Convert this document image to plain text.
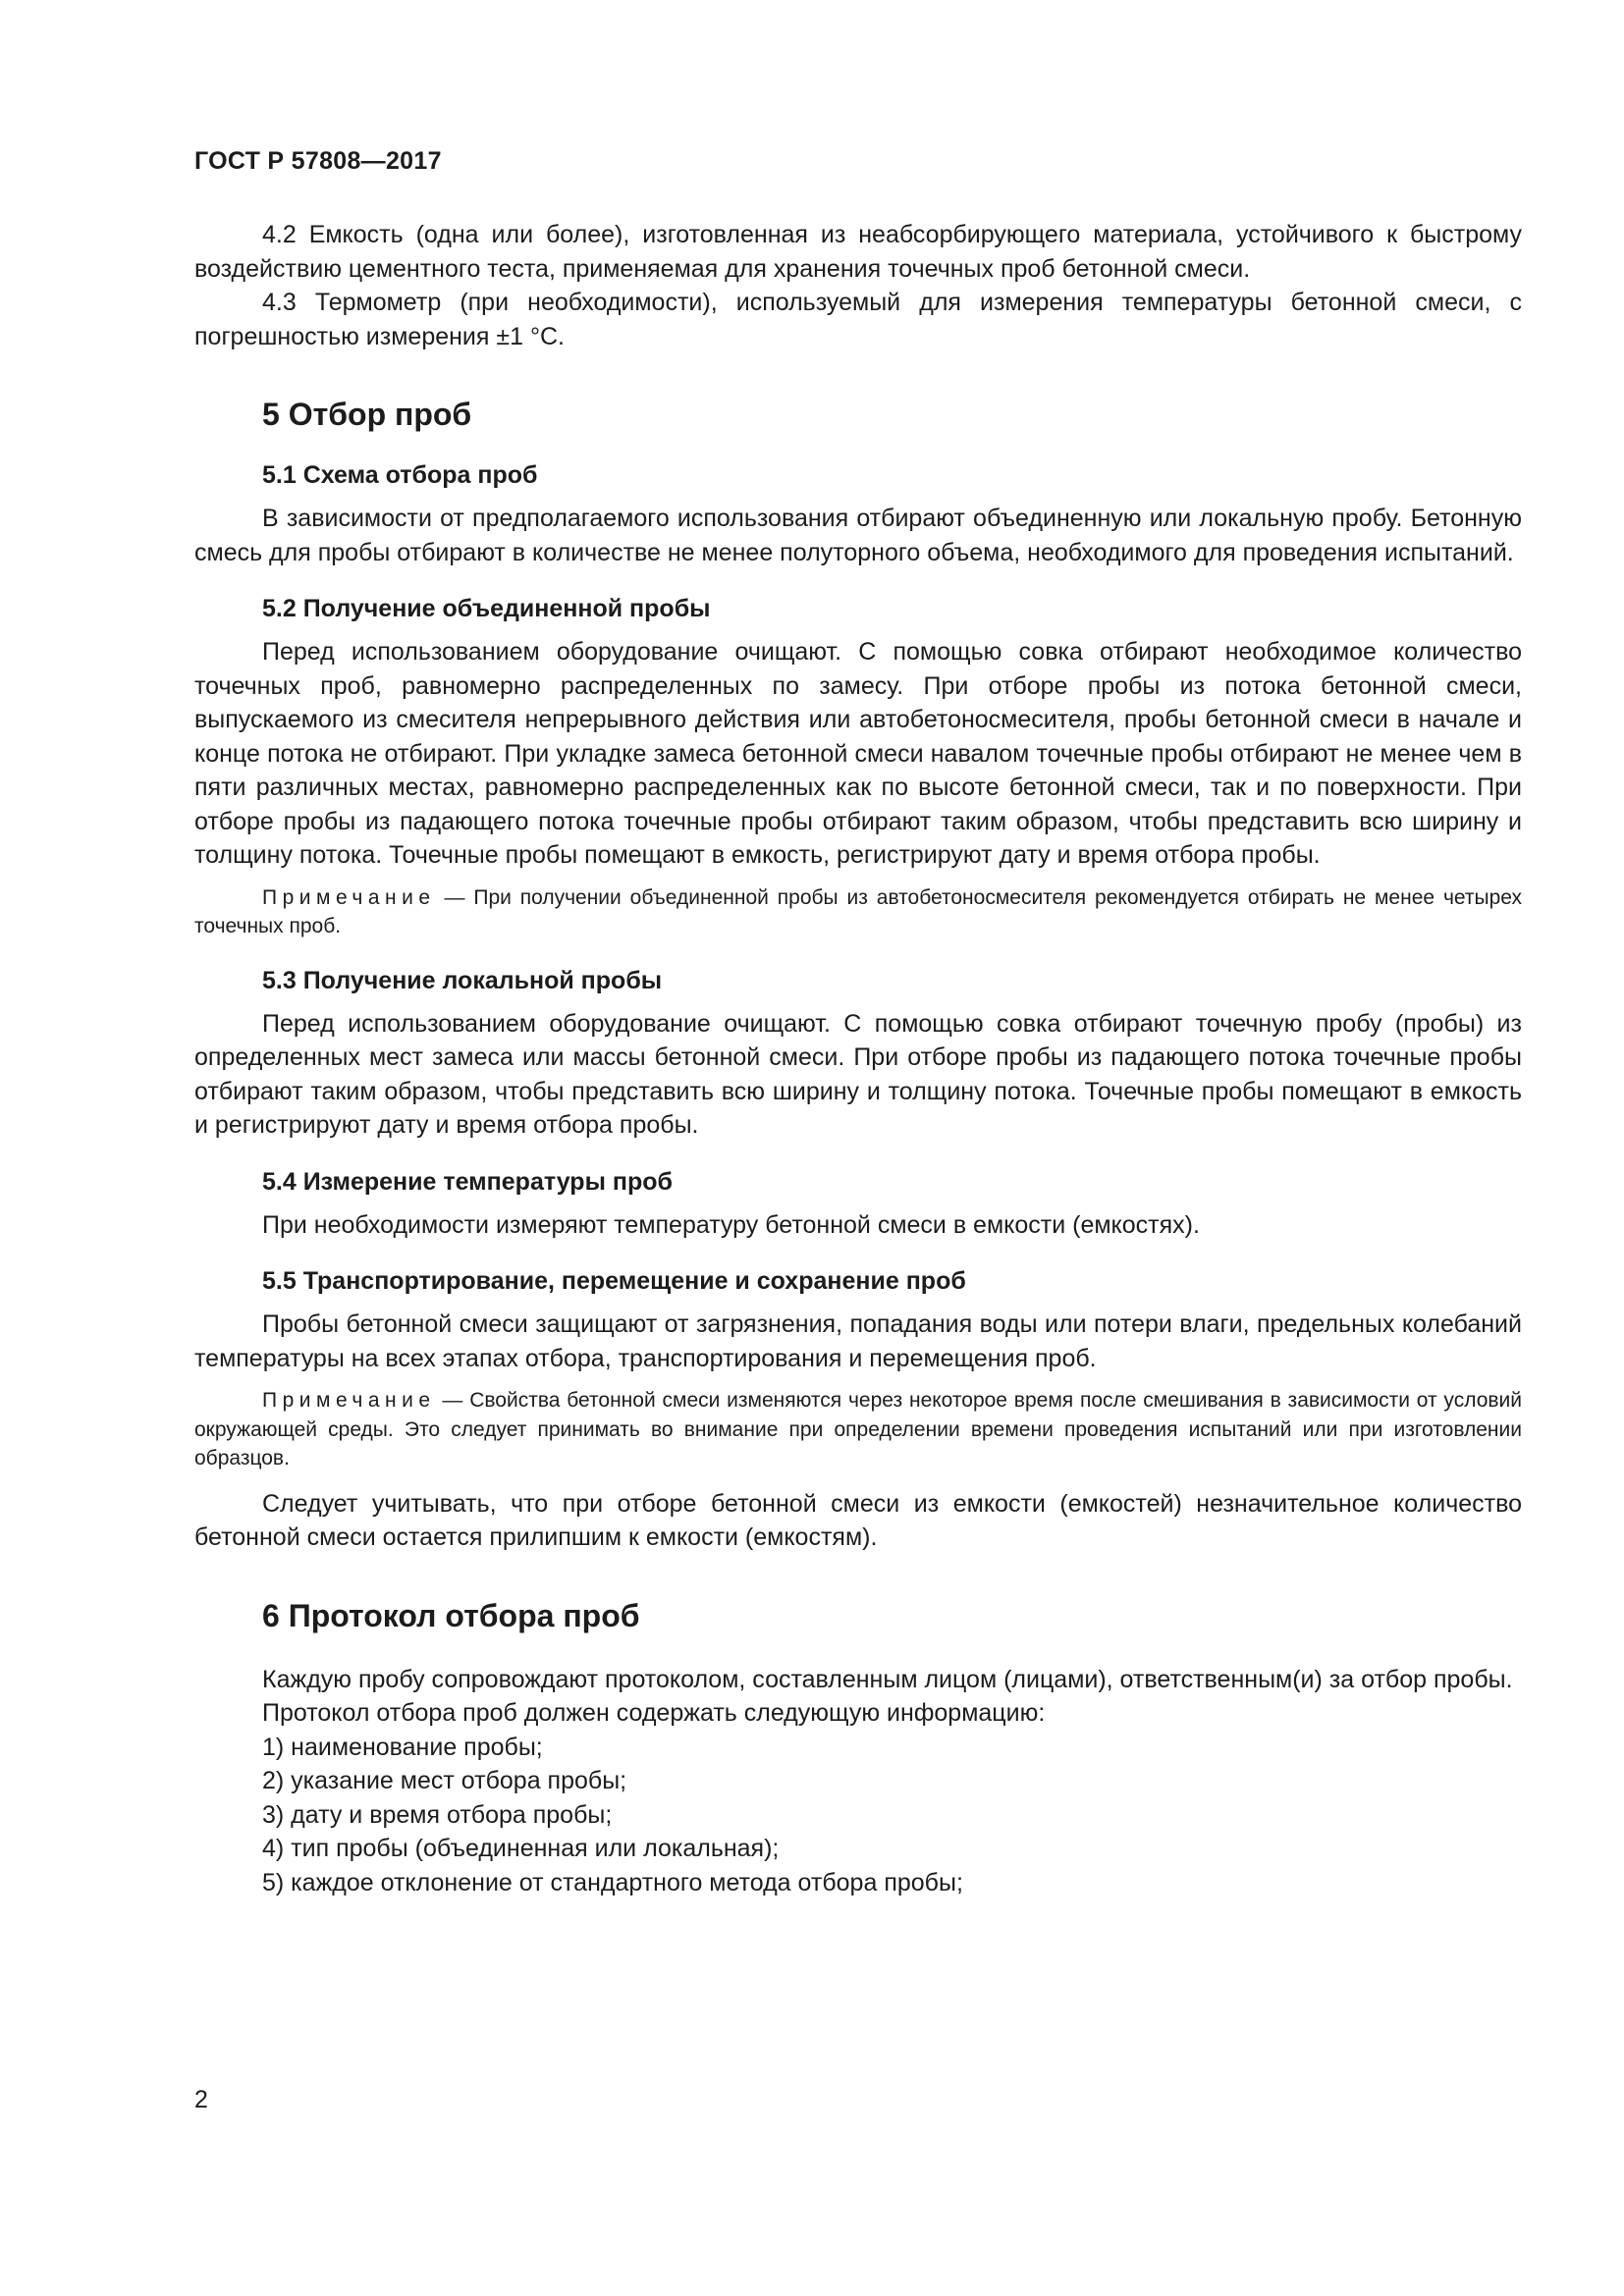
ГОСТ Р 57808—2017

4.2 Емкость (одна или более), изготовленная из неабсорбирующего материала, устойчивого к быстрому воздействию цементного теста, применяемая для хранения точечных проб бетонной смеси.

4.3 Термометр (при необходимости), используемый для измерения температуры бетонной смеси, с погрешностью измерения ±1 °С.

5 Отбор проб
5.1 Схема отбора проб

В зависимости от предполагаемого использования отбирают объединенную или локальную пробу. Бетонную смесь для пробы отбирают в количестве не менее полуторного объема, необходимого для проведения испытаний.

5.2 Получение объединенной пробы

Перед использованием оборудование очищают. С помощью совка отбирают необходимое количество точечных проб, равномерно распределенных по замесу. При отборе пробы из потока бетонной смеси, выпускаемого из смесителя непрерывного действия или автобетоносмесителя, пробы бетонной смеси в начале и конце потока не отбирают. При укладке замеса бетонной смеси навалом точечные пробы отбирают не менее чем в пяти различных местах, равномерно распределенных как по высоте бетонной смеси, так и по поверхности. При отборе пробы из падающего потока точечные пробы отбирают таким образом, чтобы представить всю ширину и толщину потока. Точечные пробы помещают в емкость, регистрируют дату и время отбора пробы.

Примечание — При получении объединенной пробы из автобетоносмесителя рекомендуется отбирать не менее четырех точечных проб.
5.3 Получение локальной пробы

Перед использованием оборудование очищают. С помощью совка отбирают точечную пробу (пробы) из определенных мест замеса или массы бетонной смеси. При отборе пробы из падающего потока точечные пробы отбирают таким образом, чтобы представить всю ширину и толщину потока. Точечные пробы помещают в емкость и регистрируют дату и время отбора пробы.

5.4 Измерение температуры проб

При необходимости измеряют температуру бетонной смеси в емкости (емкостях).

5.5 Транспортирование, перемещение и сохранение проб

Пробы бетонной смеси защищают от загрязнения, попадания воды или потери влаги, предельных колебаний температуры на всех этапах отбора, транспортирования и перемещения проб.

Примечание — Свойства бетонной смеси изменяются через некоторое время после смешивания в зависимости от условий окружающей среды. Это следует принимать во внимание при определении времени проведения испытаний или при изготовлении образцов.

Следует учитывать, что при отборе бетонной смеси из емкости (емкостей) незначительное количество бетонной смеси остается прилипшим к емкости (емкостям).

6 Протокол отбора проб

Каждую пробу сопровождают протоколом, составленным лицом (лицами), ответственным(и) за отбор пробы.

Протокол отбора проб должен содержать следующую информацию:

1) наименование пробы;
2) указание мест отбора пробы;
3) дату и время отбора пробы;
4) тип пробы (объединенная или локальная);
5) каждое отклонение от стандартного метода отбора пробы;
2
